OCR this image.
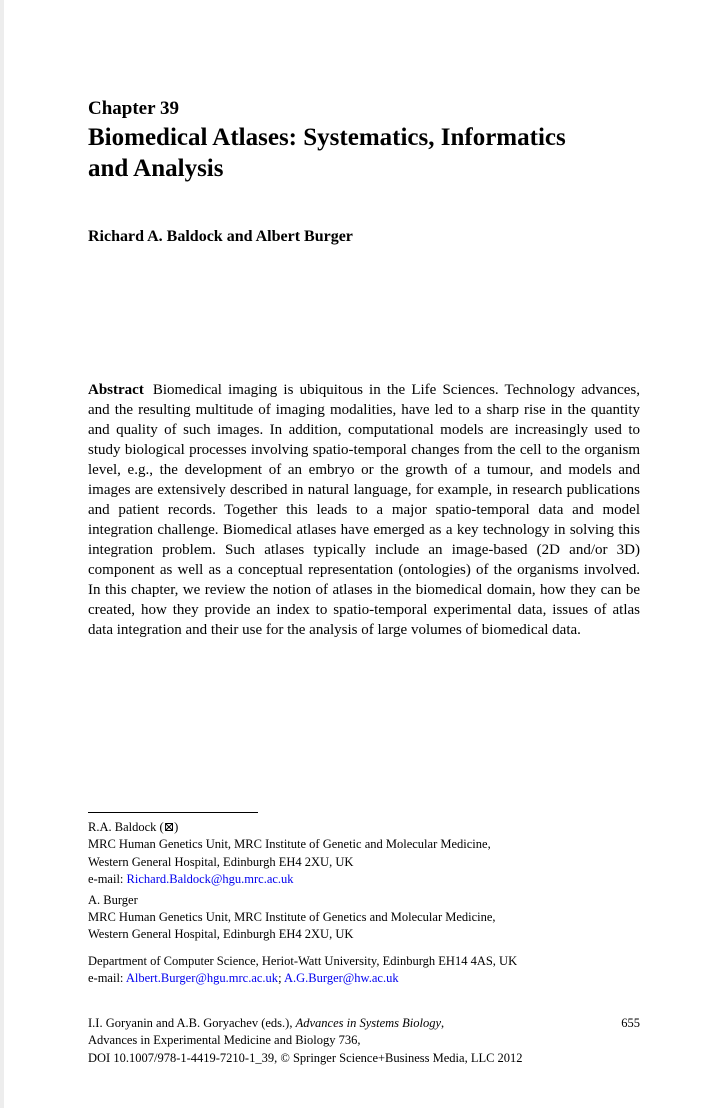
Chapter 39
Biomedical Atlases: Systematics, Informatics
and Analysis
Richard A. Baldock and Albert Burger

Abstract Biomedical imaging is ubiquitous in the Life Sciences. Technology advances, and the resulting multitude of imaging modalities, have led to a sharp rise in the quantity and quality of such images. In addition, computational models are increasingly used to study biological processes involving spatio-temporal changes from the cell to the organism level, e.g., the development of an embryo or the growth of a tumour, and models and images are extensively described in natural language, for example, in research publications and patient records. Together this leads to a major spatio-temporal data and model integration challenge. Biomedical atlases have emerged as a key technology in solving this integration problem. Such atlases typically include an image-based (2D and/or 3D) component as well as a conceptual representation (ontologies) of the organisms involved. In this chapter, we review the notion of atlases in the biomedical domain, how they can be created, how they provide an index to spatio-temporal experimental data, issues of atlas data integration and their use for the analysis of large volumes of biomedical data.

R.A. Baldock (⊠)
MRC Human Genetics Unit, MRC Institute of Genetic and Molecular Medicine,
Western General Hospital, Edinburgh EH4 2XU, UK
e-mail: Richard.Baldock@hgu.mrc.ac.uk

A. Burger
MRC Human Genetics Unit, MRC Institute of Genetics and Molecular Medicine,
Western General Hospital, Edinburgh EH4 2XU, UK

Department of Computer Science, Heriot-Watt University, Edinburgh EH14 4AS, UK
e-mail: Albert.Burger@hgu.mrc.ac.uk; A.G.Burger@hw.ac.uk

I.I. Goryanin and A.B. Goryachev (eds.), Advances in Systems Biology,
Advances in Experimental Medicine and Biology 736,
DOI 10.1007/978-1-4419-7210-1_39, © Springer Science+Business Media, LLC 2012
655
